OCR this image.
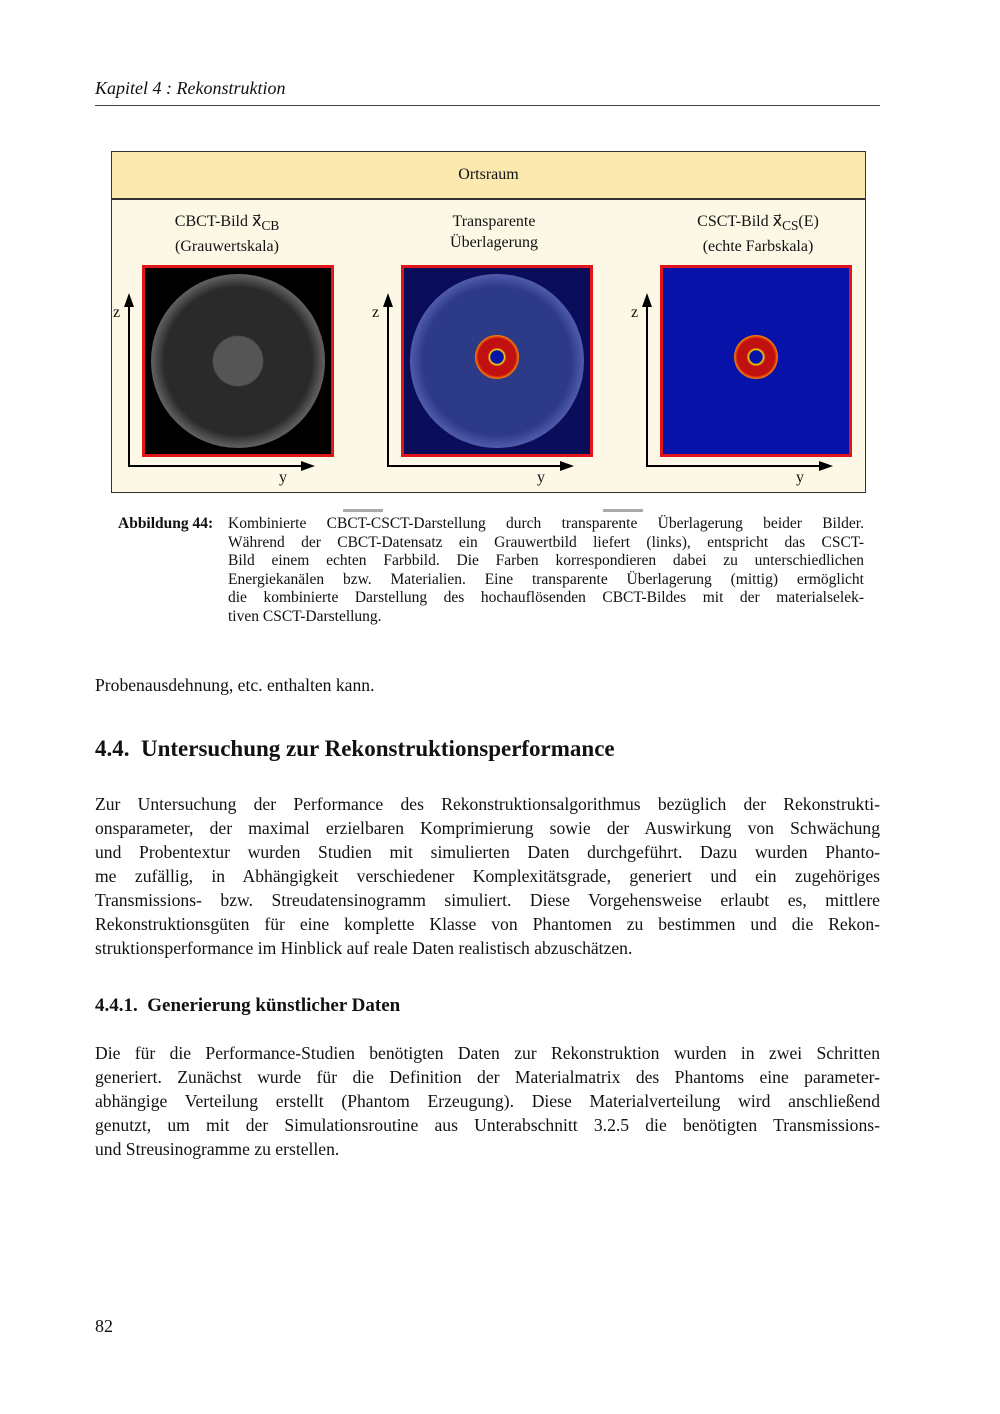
Kapitel 4 : Rekonstruktion
Ortsraum
CBCT-Bild $x⃗_{CB}$
(Grauwertskala)
Transparente
Überlagerung
CSCT-Bild $x⃗_{CS}(E)$
(echte Farbskala)
z
y
z
y
z
y
Abbildung 44: Kombinierte CBCT-CSCT-Darstellung durch transparente Überlagerung beider Bilder.
Während der CBCT-Datensatz ein Grauwertbild liefert (links), entspricht das CSCT-
Bild einem echten Farbbild. Die Farben korrespondieren dabei zu unterschiedlichen
Energiekanälen bzw. Materialien. Eine transparente Überlagerung (mittig) ermöglicht
die kombinierte Darstellung des hochauflösenden CBCT-Bildes mit der materialselek-
tiven CSCT-Darstellung.
Probenausdehnung, etc. enthalten kann.
4.4.  Untersuchung zur Rekonstruktionsperformance
Zur Untersuchung der Performance des Rekonstruktionsalgorithmus bezüglich der Rekonstrukti-
onsparameter, der maximal erzielbaren Komprimierung sowie der Auswirkung von Schwächung
und Probentextur wurden Studien mit simulierten Daten durchgeführt. Dazu wurden Phanto-
me zufällig, in Abhängigkeit verschiedener Komplexitätsgrade, generiert und ein zugehöriges
Transmissions- bzw. Streudatensinogramm simuliert. Diese Vorgehensweise erlaubt es, mittlere
Rekonstruktionsgüten für eine komplette Klasse von Phantomen zu bestimmen und die Rekon-
struktionsperformance im Hinblick auf reale Daten realistisch abzuschätzen.
4.4.1.  Generierung künstlicher Daten
Die für die Performance-Studien benötigten Daten zur Rekonstruktion wurden in zwei Schritten
generiert. Zunächst wurde für die Definition der Materialmatrix des Phantoms eine parameter-
abhängige Verteilung erstellt (Phantom Erzeugung). Diese Materialverteilung wird anschließend
genutzt, um mit der Simulationsroutine aus Unterabschnitt 3.2.5 die benötigten Transmissions-
und Streusinogramme zu erstellen.
82
